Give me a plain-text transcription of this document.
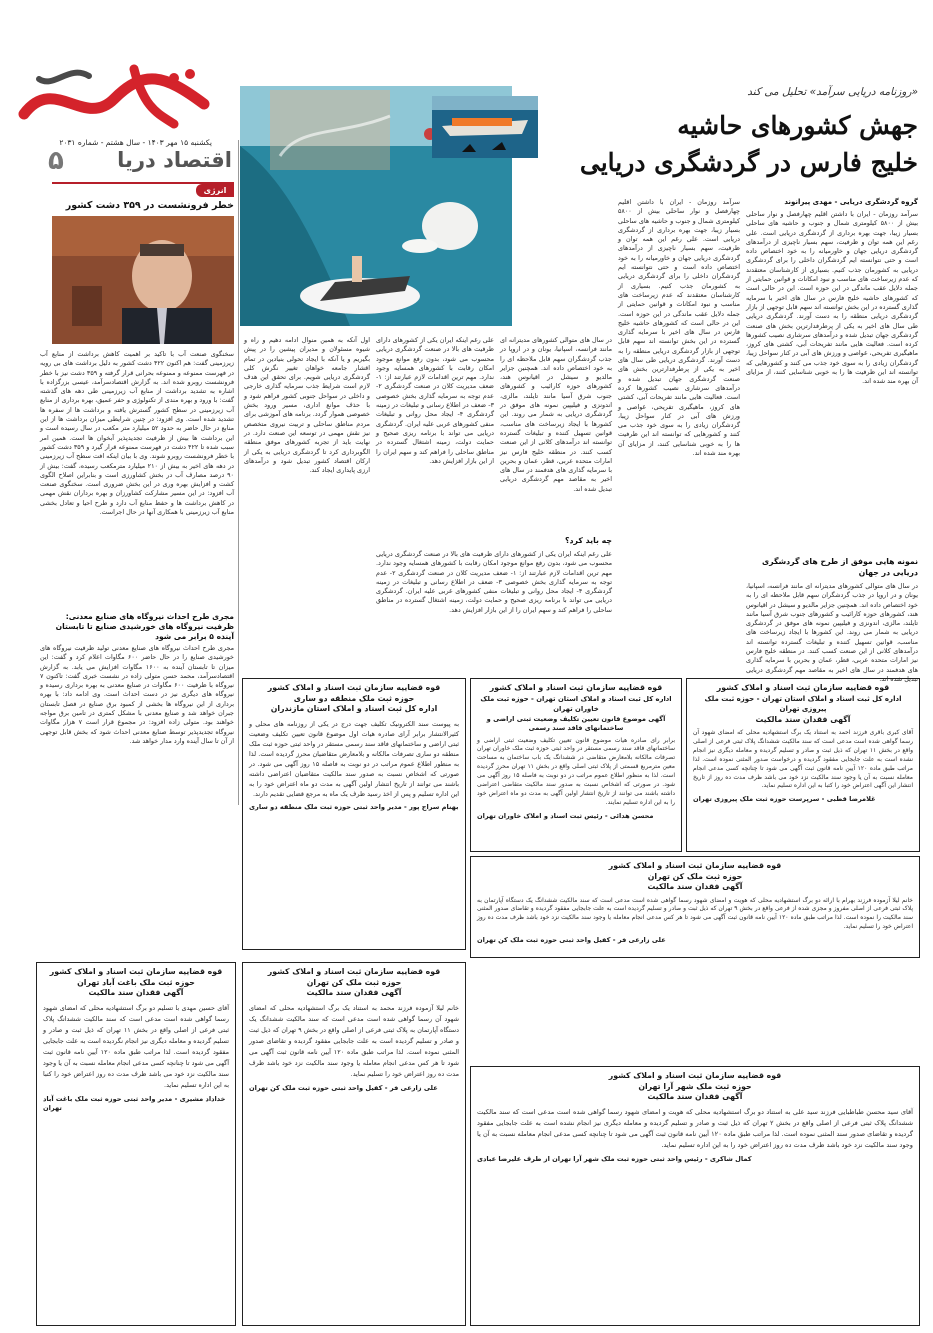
یکشنبه ۱۵ مهر ۱۴۰۳ - سال هشتم - شماره ۲۰۳۱
اقتصاد دریا
۵
انرژی
خطر فرونشست در ۳۵۹ دشت کشور
سخنگوی صنعت آب با تاکید بر اهمیت کاهش برداشت از منابع آب زیرزمینی گفت: هم اکنون ۴۲۲ دشت کشور به دلیل برداشت های بی رویه در فهرست ممنوعه و ممنوعه بحرانی قرار گرفته و ۳۵۹ دشت نیز با خطر فرونشست روبرو شده اند. به گزارش اقتصادسرآمد، عیسی بزرگزاده با اشاره به تشدید برداشت از منابع آب زیرزمینی طی دهه های گذشته گفت: با ورود و بهره مندی از تکنولوژی و حفر عمیق، بهره برداری از منابع آب زیرزمینی در سطح کشور گسترش یافته و برداشت ها از سفره ها تشدید شده است. وی افزود: در چنین شرایطی میزان برداشت ها از این منابع در حال حاضر به حدود ۵۲ میلیارد متر مکعب در سال رسیده است و این برداشت ها بیش از ظرفیت تجدیدپذیر آبخوان ها است. همین امر سبب شده تا ۴۲۲ دشت در فهرست ممنوعه قرار گیرد و ۳۵۹ دشت کشور با خطر فرونشست روبرو شوند. وی با بیان اینکه افت سطح آب زیرزمینی در دهه های اخیر به بیش از ۲۱۰ میلیارد مترمکعب رسیده، گفت: بیش از ۹۰ درصد مصارف آب در بخش کشاورزی است و بنابراین اصلاح الگوی کشت و افزایش بهره وری در این بخش ضروری است. سخنگوی صنعت آب افزود: در این مسیر مشارکت کشاورزان و بهره برداران نقش مهمی در کاهش برداشت ها و حفظ منابع آب دارد و طرح احیا و تعادل بخشی منابع آب زیرزمینی با همکاری آنها در حال اجراست.
مجری طرح احداث نیروگاه های صنایع معدنی: ظرفیت نیروگاه های خورشیدی صنایع تا تابستان آینده ۵ برابر می شود
مجری طرح احداث نیروگاه های صنایع معدنی تولید ظرفیت نیروگاه های خورشیدی صنایع را در حال حاضر ۶۰۰ مگاوات اعلام کرد و گفت: این میزان تا تابستان آینده به ۱۶۰۰ مگاوات افزایش می یابد. به گزارش اقتصادسرآمد، محمد حسن متولی زاده در نشست خبری گفت: تاکنون ۷ نیروگاه با ظرفیت ۶۰۰ مگاوات در صنایع معدنی به بهره برداری رسیده و نیروگاه های دیگری نیز در دست احداث است. وی ادامه داد: با بهره برداری از این نیروگاه ها بخشی از کمبود برق صنایع در فصل تابستان جبران خواهد شد و صنایع معدنی با مشکل کمتری در تامین برق مواجه خواهند بود. متولی زاده افزود: در مجموع قرار است ۷ هزار مگاوات نیروگاه تجدیدپذیر توسط صنایع معدنی احداث شود که بخش قابل توجهی از آن تا سال آینده وارد مدار خواهد شد.
«روزنامه دریایی سرآمد» تحلیل می کند
جهش کشورهای حاشیه
خلیج فارس در گردشگری دریایی
گروه گردشگری دریایی - مهدی پیرانوند
سرآمد روزمان - ایران با داشتن اقلیم چهارفصل و نوار ساحلی بیش از ۵۸۰۰ کیلومتری شمال و جنوب و حاشیه های ساحلی بسیار زیبا، جهت بهره برداری از گردشگری دریایی است. علی رغم این همه توان و ظرفیت، سهم بسیار ناچیزی از درآمدهای گردشگری دریایی جهان و خاورمیانه را به خود اختصاص داده است و حتی نتوانسته ایم گردشگران داخلی را برای گردشگری دریایی به کشورمان جذب کنیم. بسیاری از کارشناسان معتقدند که عدم زیرساخت های مناسب و نبود امکانات و قوانین حمایتی از جمله دلایل عقب ماندگی در این حوزه است. این در حالی است که کشورهای حاشیه خلیج فارس در سال های اخیر با سرمایه گذاری گسترده در این بخش توانسته اند سهم قابل توجهی از بازار گردشگری دریایی منطقه را به دست آورند. گردشگری دریایی طی سال های اخیر به یکی از پرطرفدارترین بخش های صنعت گردشگری جهان تبدیل شده و درآمدهای سرشاری نصیب کشورها کرده است. فعالیت هایی مانند تفریحات آبی، کشتی های کروز، ماهیگیری تفریحی، غواصی و ورزش های آبی در کنار سواحل زیبا، گردشگران زیادی را به سوی خود جذب می کنند و کشورهایی که توانسته اند این ظرفیت ها را به خوبی شناسایی کنند، از مزایای آن بهره مند شده اند.
نمونه هایی موفق از طرح های گردشگری دریایی در جهان
در سال های متوالی کشورهای مدیترانه ای مانند فرانسه، اسپانیا، یونان و در اروپا در جذب گردشگران سهم قابل ملاحظه ای را به خود اختصاص داده اند. همچنین جزایر مالدیو و سیشل در اقیانوس هند، کشورهای حوزه کارائیب و کشورهای جنوب شرق آسیا مانند تایلند، مالزی، اندونزی و فیلیپین نمونه های موفق در گردشگری دریایی به شمار می روند. این کشورها با ایجاد زیرساخت های مناسب، قوانین تسهیل کننده و تبلیغات گسترده توانسته اند درآمدهای کلانی از این صنعت کسب کنند. در منطقه خلیج فارس نیز امارات متحده عربی، قطر، عمان و بحرین با سرمایه گذاری های هدفمند در سال های اخیر به مقاصد مهم گردشگری دریایی تبدیل شده اند.
سرآمد روزمان - ایران با داشتن اقلیم چهارفصل و نوار ساحلی بیش از ۵۸۰۰ کیلومتری شمال و جنوب و حاشیه های ساحلی بسیار زیبا، جهت بهره برداری از گردشگری دریایی است. علی رغم این همه توان و ظرفیت، سهم بسیار ناچیزی از درآمدهای گردشگری دریایی جهان و خاورمیانه را به خود اختصاص داده است و حتی نتوانسته ایم گردشگران داخلی را برای گردشگری دریایی به کشورمان جذب کنیم. بسیاری از کارشناسان معتقدند که عدم زیرساخت های مناسب و نبود امکانات و قوانین حمایتی از جمله دلایل عقب ماندگی در این حوزه است. این در حالی است که کشورهای حاشیه خلیج فارس در سال های اخیر با سرمایه گذاری گسترده در این بخش توانسته اند سهم قابل توجهی از بازار گردشگری دریایی منطقه را به دست آورند. گردشگری دریایی طی سال های اخیر به یکی از پرطرفدارترین بخش های صنعت گردشگری جهان تبدیل شده و درآمدهای سرشاری نصیب کشورها کرده است. فعالیت هایی مانند تفریحات آبی، کشتی های کروز، ماهیگیری تفریحی، غواصی و ورزش های آبی در کنار سواحل زیبا، گردشگران زیادی را به سوی خود جذب می کنند و کشورهایی که توانسته اند این ظرفیت ها را به خوبی شناسایی کنند، از مزایای آن بهره مند شده اند.
در سال های متوالی کشورهای مدیترانه ای مانند فرانسه، اسپانیا، یونان و در اروپا در جذب گردشگران سهم قابل ملاحظه ای را به خود اختصاص داده اند. همچنین جزایر مالدیو و سیشل در اقیانوس هند، کشورهای حوزه کارائیب و کشورهای جنوب شرق آسیا مانند تایلند، مالزی، اندونزی و فیلیپین نمونه های موفق در گردشگری دریایی به شمار می روند. این کشورها با ایجاد زیرساخت های مناسب، قوانین تسهیل کننده و تبلیغات گسترده توانسته اند درآمدهای کلانی از این صنعت کسب کنند. در منطقه خلیج فارس نیز امارات متحده عربی، قطر، عمان و بحرین با سرمایه گذاری های هدفمند در سال های اخیر به مقاصد مهم گردشگری دریایی تبدیل شده اند.
چه باید کرد؟
علی رغم اینکه ایران یکی از کشورهای دارای ظرفیت های بالا در صنعت گردشگری دریایی محسوب می شود، بدون رفع موانع موجود امکان رقابت با کشورهای همسایه وجود ندارد. مهم ترین اقدامات لازم عبارتند از: ۱- ضعف مدیریت کلان در صنعت گردشگری ۲- عدم توجه به سرمایه گذاری بخش خصوصی ۳- ضعف در اطلاع رسانی و تبلیغات در زمینه گردشگری ۴- ایجاد محل روانی و تبلیغات منفی کشورهای غربی علیه ایران. گردشگری دریایی می تواند با برنامه ریزی صحیح و حمایت دولت، زمینه اشتغال گسترده در مناطق ساحلی را فراهم کند و سهم ایران را از این بازار افزایش دهد.
علی رغم اینکه ایران یکی از کشورهای دارای ظرفیت های بالا در صنعت گردشگری دریایی محسوب می شود، بدون رفع موانع موجود امکان رقابت با کشورهای همسایه وجود ندارد. مهم ترین اقدامات لازم عبارتند از: ۱- ضعف مدیریت کلان در صنعت گردشگری ۲- عدم توجه به سرمایه گذاری بخش خصوصی ۳- ضعف در اطلاع رسانی و تبلیغات در زمینه گردشگری ۴- ایجاد محل روانی و تبلیغات منفی کشورهای غربی علیه ایران. گردشگری دریایی می تواند با برنامه ریزی صحیح و حمایت دولت، زمینه اشتغال گسترده در مناطق ساحلی را فراهم کند و سهم ایران را از این بازار افزایش دهد.
اول آنکه به همین منوال ادامه دهیم و راه و شیوه مسئولان و مدیران پیشین را در پیش بگیریم و یا آنکه با ایجاد تحولی بنیادین در تمام اقشار جامعه خواهان تغییر نگرش کلی گردشگری دریایی شویم. برای تحقق این هدف لازم است شرایط جذب سرمایه گذاری خارجی و داخلی در سواحل جنوبی کشور فراهم شود و با حذف موانع اداری، مسیر ورود بخش خصوصی هموار گردد. برنامه های آموزشی برای مردم مناطق ساحلی و تربیت نیروی متخصص نیز نقش مهمی در توسعه این صنعت دارد. در نهایت باید از تجربه کشورهای موفق منطقه الگوبرداری کرد تا گردشگری دریایی به یکی از ارکان اقتصاد کشور تبدیل شود و درآمدهای ارزی پایداری ایجاد کند.
قوه قضاییه سازمان ثبت اسناد و املاک کشور
اداره کل ثبت اسناد و املاک استان تهران - حوزه ثبت ملک پیروزی تهران
آگهی فقدان سند مالکیت
آقای کبری باقری فرزند احمد به استناد یک برگ استشهادیه محلی که امضای شهود آن رسما گواهی شده است مدعی است که سند مالکیت ششدانگ پلاک ثبتی فرعی از اصلی واقع در بخش ۱۱ تهران که ذیل ثبت و صادر و تسلیم گردیده و معامله دیگری نیز انجام نشده است به علت جابجایی مفقود گردیده و درخواست صدور المثنی نموده است. لذا مراتب طبق ماده ۱۲۰ آیین نامه قانون ثبت آگهی می شود تا چنانچه کسی مدعی انجام معامله نسبت به آن یا وجود سند مالکیت نزد خود می باشد ظرف مدت ده روز از تاریخ انتشار این آگهی اعتراض خود را کتبا به این اداره تسلیم نماید.
غلامرضا قطبی - سرپرست حوزه ثبت ملک پیروزی تهران
قوه قضاییه سازمان ثبت اسناد و املاک کشور
اداره کل ثبت اسناد و املاک استان تهران - حوزه ثبت ملک خاوران تهران
آگهی موضوع قانون تعیین تکلیف وضعیت ثبتی اراضی و ساختمانهای فاقد سند رسمی
برابر رای صادره هیات موضوع قانون تعیین تکلیف وضعیت ثبتی اراضی و ساختمانهای فاقد سند رسمی مستقر در واحد ثبتی حوزه ثبت ملک خاوران تهران تصرفات مالکانه بلامعارض متقاضی در ششدانگ یک باب ساختمان به مساحت معین مترمربع قسمتی از پلاک ثبتی اصلی واقع در بخش ۱۱ تهران محرز گردیده است. لذا به منظور اطلاع عموم مراتب در دو نوبت به فاصله ۱۵ روز آگهی می شود. در صورتی که اشخاص نسبت به صدور سند مالکیت متقاضی اعتراضی داشته باشند می توانند از تاریخ انتشار اولین آگهی به مدت دو ماه اعتراض خود را به این اداره تسلیم نمایند.
محسن هدائی - رئیس ثبت اسناد و املاک خاوران تهران
قوه قضاییه سازمان ثبت اسناد و املاک کشور
حوزه ثبت ملک منطقه دو ساری
اداره کل ثبت اسناد و املاک استان مازندران
به پیوست سند الکترونیک تکلیف جهت درج در یکی از روزنامه های محلی و کثیرالانتشار برابر آرای صادره هیات اول موضوع قانون تعیین تکلیف وضعیت ثبتی اراضی و ساختمانهای فاقد سند رسمی مستقر در واحد ثبتی حوزه ثبت ملک منطقه دو ساری تصرفات مالکانه و بلامعارض متقاضیان محرز گردیده است. لذا به منظور اطلاع عموم مراتب در دو نوبت به فاصله ۱۵ روز آگهی می شود. در صورتی که اشخاص نسبت به صدور سند مالکیت متقاضیان اعتراضی داشته باشند می توانند از تاریخ انتشار اولین آگهی به مدت دو ماه اعتراض خود را به این اداره تسلیم و پس از اخذ رسید ظرف یک ماه به مرجع قضایی تقدیم دارند.
بهنام سراج پور - مدیر واحد ثبتی حوزه ثبت ملک منطقه دو ساری
قوه قضاییه سازمان ثبت اسناد و املاک کشور
حوزه ثبت ملک کن تهران
آگهی فقدان سند مالکیت
خانم لیلا آزموده فرزند بهرام با ارائه دو برگ استشهادیه محلی که هویت و امضای شهود رسما گواهی شده است مدعی است که سند مالکیت ششدانگ یک دستگاه آپارتمان به پلاک ثبتی فرعی از اصلی مفروز و مجزی شده از فرعی واقع در بخش ۹ تهران که ذیل ثبت و صادر و تسلیم گردیده است به علت جابجایی مفقود گردیده و تقاضای صدور المثنی سند مالکیت را نموده است. لذا مراتب طبق ماده ۱۲۰ آیین نامه قانون ثبت آگهی می شود تا هر کس مدعی انجام معامله یا وجود سند مالکیت نزد خود باشد ظرف مدت ده روز اعتراض خود را تسلیم نماید.
علی زارعی فر - کفیل واحد ثبتی حوزه ثبت ملک کن تهران
قوه قضاییه سازمان ثبت اسناد و املاک کشور
حوزه ثبت ملک باغت آباد تهران
آگهی فقدان سند مالکیت
آقای حسین مهدی با تسلیم دو برگ استشهادیه محلی که امضای شهود رسما گواهی شده است مدعی است که سند مالکیت ششدانگ پلاک ثبتی فرعی از اصلی واقع در بخش ۱۱ تهران که ذیل ثبت و صادر و تسلیم گردیده و معامله دیگری نیز انجام نگردیده است به علت جابجایی مفقود گردیده است. لذا مراتب طبق ماده ۱۲۰ آیین نامه قانون ثبت آگهی می شود تا چنانچه کسی مدعی انجام معامله نسبت به آن یا وجود سند مالکیت نزد خود می باشد ظرف مدت ده روز اعتراض خود را کتبا به این اداره تسلیم نماید.
خداداد مشیری - مدیر واحد ثبتی حوزه ثبت ملک باغت آباد تهران
قوه قضاییه سازمان ثبت اسناد و املاک کشور
حوزه ثبت ملک کن تهران
آگهی فقدان سند مالکیت
خانم لیلا آزموده فرزند محمد به استناد یک برگ استشهادیه محلی که امضای شهود آن رسما گواهی شده است مدعی است که سند مالکیت ششدانگ یک دستگاه آپارتمان به پلاک ثبتی فرعی از اصلی واقع در بخش ۹ تهران که ذیل ثبت و صادر و تسلیم گردیده است به علت جابجایی مفقود گردیده و تقاضای صدور المثنی نموده است. لذا مراتب طبق ماده ۱۲۰ آیین نامه قانون ثبت آگهی می شود تا هر کس مدعی انجام معامله یا وجود سند مالکیت نزد خود باشد ظرف مدت ده روز اعتراض خود را تسلیم نماید.
علی زارعی فر - کفیل واحد ثبتی حوزه ثبت ملک کن تهران
قوه قضاییه سازمان ثبت اسناد و املاک کشور
حوزه ثبت ملک شهر آرا تهران
آگهی فقدان سند مالکیت
آقای سید محسن طباطبایی فرزند سید علی به استناد دو برگ استشهادیه محلی که هویت و امضای شهود رسما گواهی شده است مدعی است که سند مالکیت ششدانگ پلاک ثبتی فرعی از اصلی واقع در بخش ۲ تهران که ذیل ثبت و صادر و تسلیم گردیده و معامله دیگری نیز انجام نشده است به علت جابجایی مفقود گردیده و تقاضای صدور سند المثنی نموده است. لذا مراتب طبق ماده ۱۲۰ آیین نامه قانون ثبت آگهی می شود تا چنانچه کسی مدعی انجام معامله نسبت به آن یا وجود سند مالکیت نزد خود باشد ظرف مدت ده روز اعتراض خود را به این اداره تسلیم نماید.
کمال شاکری - رئیس واحد ثبتی حوزه ثبت ملک شهر آرا تهران از طرف علیرضا عبادی
